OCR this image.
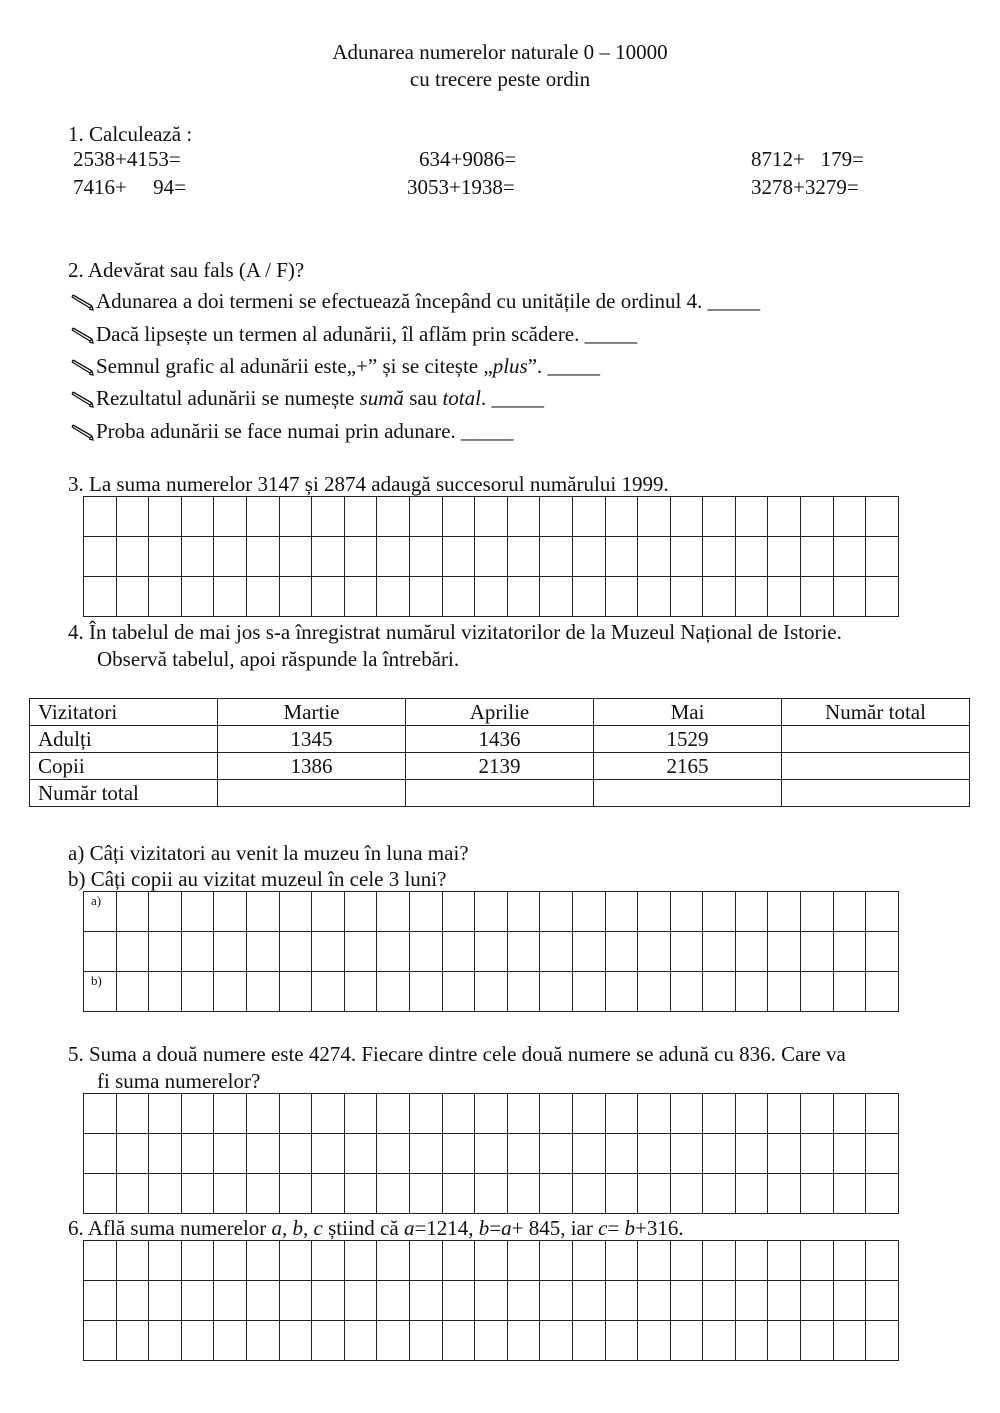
Adunarea numerelor naturale 0 – 10000
cu trecere peste ordin
1. Calculează :
2538+4153=	634+9086=	8712+   179=
7416+     94=	3053+1938=	3278+3279=
2. Adevărat sau fals (A / F)?
Adunarea a doi termeni se efectuează începând cu unitățile de ordinul 4. _____
Dacă lipsește un termen al adunării, îl aflăm prin scădere. _____
Semnul grafic al adunării este„+” și se citește „plus”. _____
Rezultatul adunării se numește sumă sau total. _____
Proba adunării se face numai prin adunare. _____
3. La suma numerelor 3147 și 2874 adaugă succesorul numărului 1999.

4. În tabelul de mai jos s-a înregistrat numărul vizitatorilor de la Muzeul Național de Istorie.
Observă tabelul, apoi răspunde la întrebări.
Vizitatori	Martie	Aprilie	Mai	Număr total
Adulți	1345	1436	1529	
Copii	1386	2139	2165	
Număr total				
a) Câți vizitatori au venit la muzeu în luna mai?
b) Câți copii au vizitat muzeul în cele 3 luni?
a)																								

b)																								

5. Suma a două numere este 4274. Fiecare dintre cele două numere se adună cu 836. Care va
fi suma numerelor?

6. Află suma numerelor a, b, c știind că a=1214, b=a+ 845, iar c= b+316.
